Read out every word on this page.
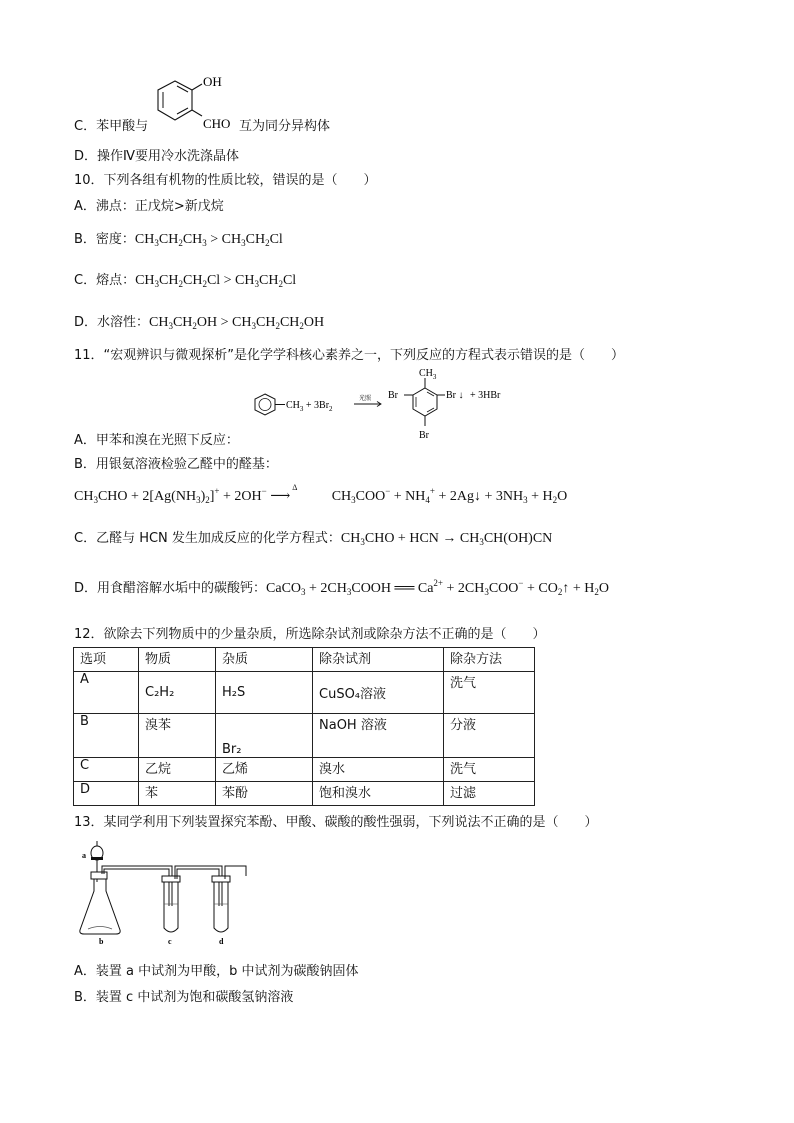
C．苯甲酸与
OH
CHO 互为同分异构体
D．操作Ⅳ要用冷水洗涤晶体
10．下列各组有机物的性质比较，错误的是（　　）
A．沸点：正戊烷>新戊烷
B．密度：$CH_3CH_2CH_3 > CH_3CH_2Cl$
C．熔点：$CH_3CH_2CH_2Cl > CH_3CH_2Cl$
D．水溶性：$CH_3CH_2OH > CH_3CH_2CH_2OH$
11．“宏观辨识与微观探析”是化学学科核心素养之一，下列反应的方程式表示错误的是（　　）
$CH_3 + 3Br_2$
光照
$CH_3$
Br	Br ↓
Br
+ 3HBr
A．甲苯和溴在光照下反应：
B．用银氨溶液检验乙醛中的醛基：
$CH_3CHO + 2[Ag(NH_3)_2]^+ + 2OH^-$	Δ
⟶	$CH_3COO^- + NH_4^+$ + 2Ag↓ + $3NH_3 + H_2O$
C．乙醛与 HCN 发生加成反应的化学方程式：$CH_3CHO$ + HCN → $CH_3CH(OH)CN$
D．用食醋溶解水垢中的碳酸钙：CaCO$_3$ + $2CH_3COOH$ ══ $Ca^{2+} + 2CH_3COO^-$ + $CO_2↑ + H_2O$
12．欲除去下列物质中的少量杂质，所选除杂试剂或除杂方法不正确的是（　　）
选项	物质	杂质	除杂试剂	除杂方法
A	C₂H₂	H₂S	CuSO₄溶液	洗气
B	溴苯	Br₂	NaOH 溶液	分液
C	乙烷	乙烯	溴水	洗气
D	苯	苯酚	饱和溴水	过滤
13．某同学利用下列装置探究苯酚、甲酸、碳酸的酸性强弱，下列说法不正确的是（　　）
a
b	c	d
A．装置 a 中试剂为甲酸，b 中试剂为碳酸钠固体
B．装置 c 中试剂为饱和碳酸氢钠溶液
